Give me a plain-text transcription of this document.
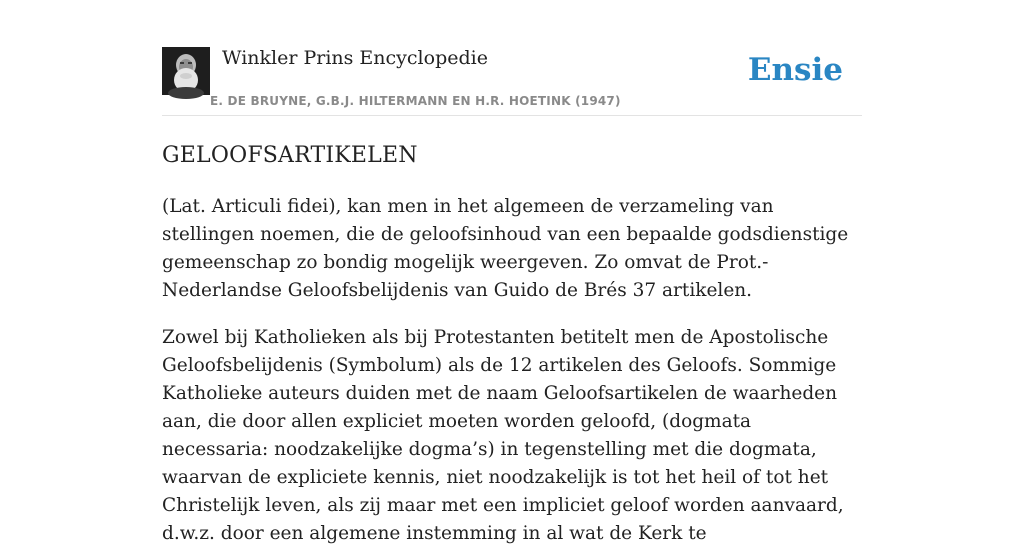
Winkler Prins Encyclopedie
E. DE BRUYNE, G.B.J. HILTERMANN EN H.R. HOETINK (1947)
Ensie
GELOOFSARTIKELEN

(Lat. Articuli fidei), kan men in het algemeen de verzameling van stellingen noemen, die de geloofsinhoud van een bepaalde godsdienstige gemeenschap zo bondig mogelijk weergeven. Zo omvat de Prot.-Nederlandse Geloofsbelijdenis van Guido de Brés 37 artikelen.

Zowel bij Katholieken als bij Protestanten betitelt men de Apostolische Geloofsbelijdenis (Symbolum) als de 12 artikelen des Geloofs. Sommige Katholieke auteurs duiden met de naam Geloofsartikelen de waarheden aan, die door allen expliciet moeten worden geloofd, (dogmata necessaria: noodzakelijke dogma’s) in tegenstelling met die dogmata, waarvan de expliciete kennis, niet noodzakelijk is tot het heil of tot het Christelijk leven, als zij maar met een impliciet geloof worden aanvaard, d.w.z. door een algemene instemming in al wat de Kerk te
